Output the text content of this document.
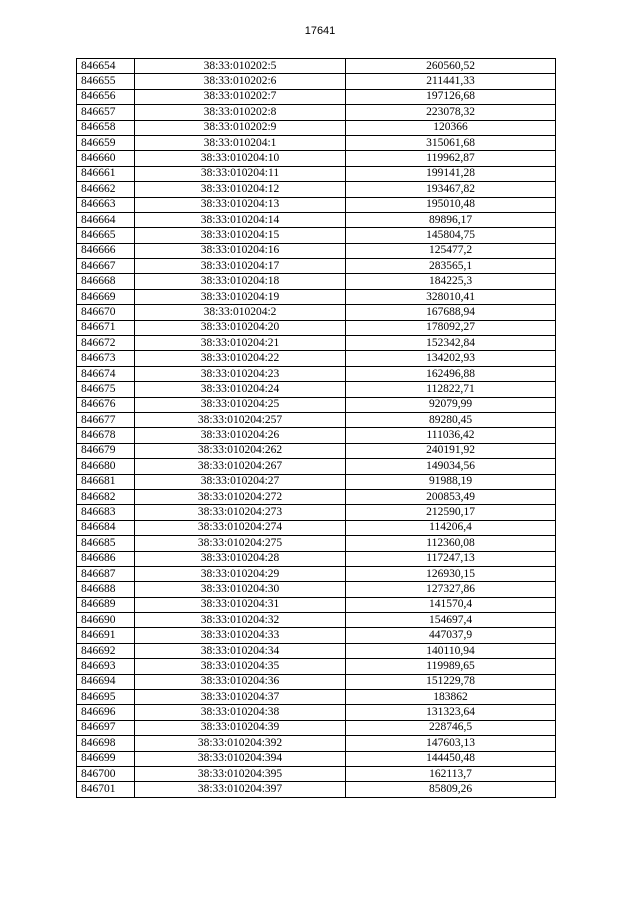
17641
846654	38:33:010202:5	260560,52
846655	38:33:010202:6	211441,33
846656	38:33:010202:7	197126,68
846657	38:33:010202:8	223078,32
846658	38:33:010202:9	120366
846659	38:33:010204:1	315061,68
846660	38:33:010204:10	119962,87
846661	38:33:010204:11	199141,28
846662	38:33:010204:12	193467,82
846663	38:33:010204:13	195010,48
846664	38:33:010204:14	89896,17
846665	38:33:010204:15	145804,75
846666	38:33:010204:16	125477,2
846667	38:33:010204:17	283565,1
846668	38:33:010204:18	184225,3
846669	38:33:010204:19	328010,41
846670	38:33:010204:2	167688,94
846671	38:33:010204:20	178092,27
846672	38:33:010204:21	152342,84
846673	38:33:010204:22	134202,93
846674	38:33:010204:23	162496,88
846675	38:33:010204:24	112822,71
846676	38:33:010204:25	92079,99
846677	38:33:010204:257	89280,45
846678	38:33:010204:26	111036,42
846679	38:33:010204:262	240191,92
846680	38:33:010204:267	149034,56
846681	38:33:010204:27	91988,19
846682	38:33:010204:272	200853,49
846683	38:33:010204:273	212590,17
846684	38:33:010204:274	114206,4
846685	38:33:010204:275	112360,08
846686	38:33:010204:28	117247,13
846687	38:33:010204:29	126930,15
846688	38:33:010204:30	127327,86
846689	38:33:010204:31	141570,4
846690	38:33:010204:32	154697,4
846691	38:33:010204:33	447037,9
846692	38:33:010204:34	140110,94
846693	38:33:010204:35	119989,65
846694	38:33:010204:36	151229,78
846695	38:33:010204:37	183862
846696	38:33:010204:38	131323,64
846697	38:33:010204:39	228746,5
846698	38:33:010204:392	147603,13
846699	38:33:010204:394	144450,48
846700	38:33:010204:395	162113,7
846701	38:33:010204:397	85809,26
